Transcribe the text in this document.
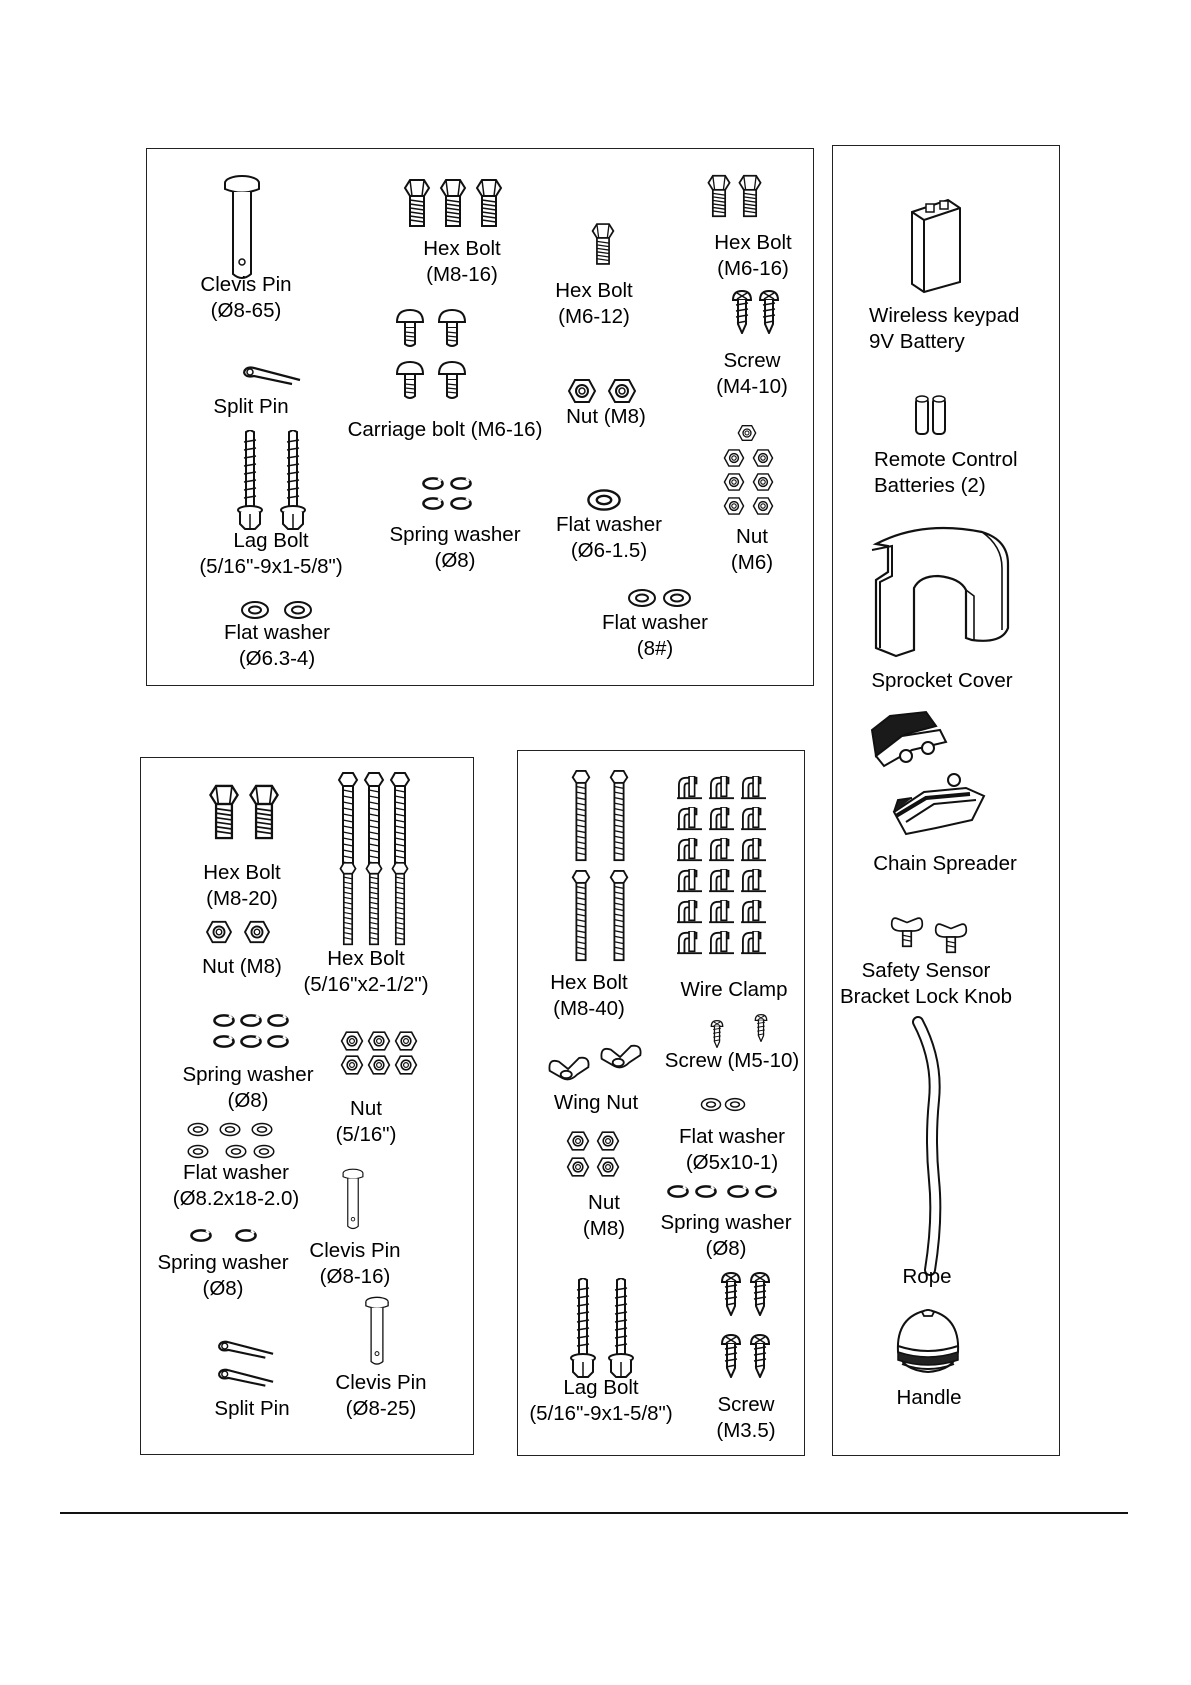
Clevis Pin
(Ø8-65)
Split Pin
Lag Bolt
(5/16"-9x1-5/8")
Flat washer
(Ø6.3-4)
Hex Bolt
(M8-16)
Carriage bolt (M6-16)
Spring washer
(Ø8)
Hex Bolt
(M6-12)
Nut (M8)
Flat washer
(Ø6-1.5)
Flat washer
(8#)
Hex Bolt
(M6-16)
Screw
(M4-10)
Nut
(M6)
Hex Bolt
(M8-20)
Nut (M8)	Hex Bolt
(5/16"x2-1/2")
Spring washer
(Ø8)	Nut
(5/16")
Flat washer
(Ø8.2x18-2.0)
Clevis Pin
(Ø8-16)
Spring washer
(Ø8)
Split Pin
Clevis Pin
(Ø8-25)
Hex Bolt
(M8-40)
Wire Clamp
Screw (M5-10)
Wing Nut
Flat washer
(Ø5x10-1)
Nut
(M8) Spring washer
(Ø8)
Lag Bolt
(5/16"-9x1-5/8") Screw
(M3.5)
Wireless keypad
9V Battery
Remote Control
Batteries (2)
Sprocket Cover
Chain Spreader
Safety Sensor
Bracket Lock Knob
Rope
Handle
